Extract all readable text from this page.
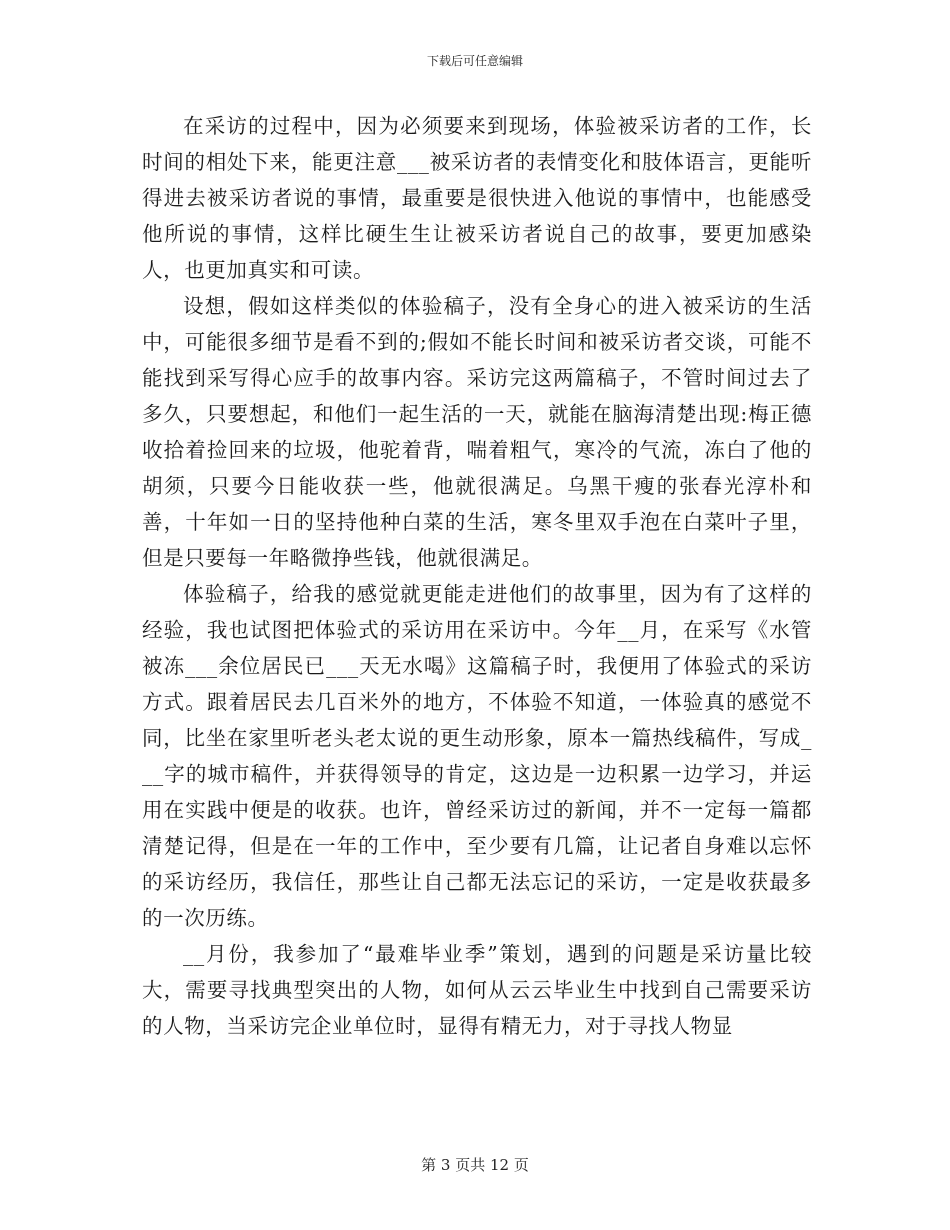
下载后可任意编辑

在采访的过程中，因为必须要来到现场，体验被采访者的工作，长时间的相处下来，能更注意___被采访者的表情变化和肢体语言，更能听得进去被采访者说的事情，最重要是很快进入他说的事情中，也能感受他所说的事情，这样比硬生生让被采访者说自己的故事，要更加感染人，也更加真实和可读。

设想，假如这样类似的体验稿子，没有全身心的进入被采访的生活中，可能很多细节是看不到的;假如不能长时间和被采访者交谈，可能不能找到采写得心应手的故事内容。采访完这两篇稿子，不管时间过去了多久，只要想起，和他们一起生活的一天，就能在脑海清楚出现:梅正德收拾着捡回来的垃圾，他驼着背，喘着粗气，寒冷的气流，冻白了他的胡须，只要今日能收获一些，他就很满足。乌黑干瘦的张春光淳朴和善，十年如一日的坚持他种白菜的生活，寒冬里双手泡在白菜叶子里，但是只要每一年略微挣些钱，他就很满足。

体验稿子，给我的感觉就更能走进他们的故事里，因为有了这样的经验，我也试图把体验式的采访用在采访中。今年__月，在采写《水管被冻___余位居民已___天无水喝》这篇稿子时，我便用了体验式的采访方式。跟着居民去几百米外的地方，不体验不知道，一体验真的感觉不同，比坐在家里听老头老太说的更生动形象，原本一篇热线稿件，写成___字的城市稿件，并获得领导的肯定，这边是一边积累一边学习，并运用在实践中便是的收获。也许，曾经采访过的新闻，并不一定每一篇都清楚记得，但是在一年的工作中，至少要有几篇，让记者自身难以忘怀的采访经历，我信任，那些让自己都无法忘记的采访，一定是收获最多的一次历练。

__月份，我参加了“最难毕业季”策划，遇到的问题是采访量比较大，需要寻找典型突出的人物，如何从云云毕业生中找到自己需要采访的人物，当采访完企业单位时，显得有精无力，对于寻找人物显

第 3 页共 12 页
